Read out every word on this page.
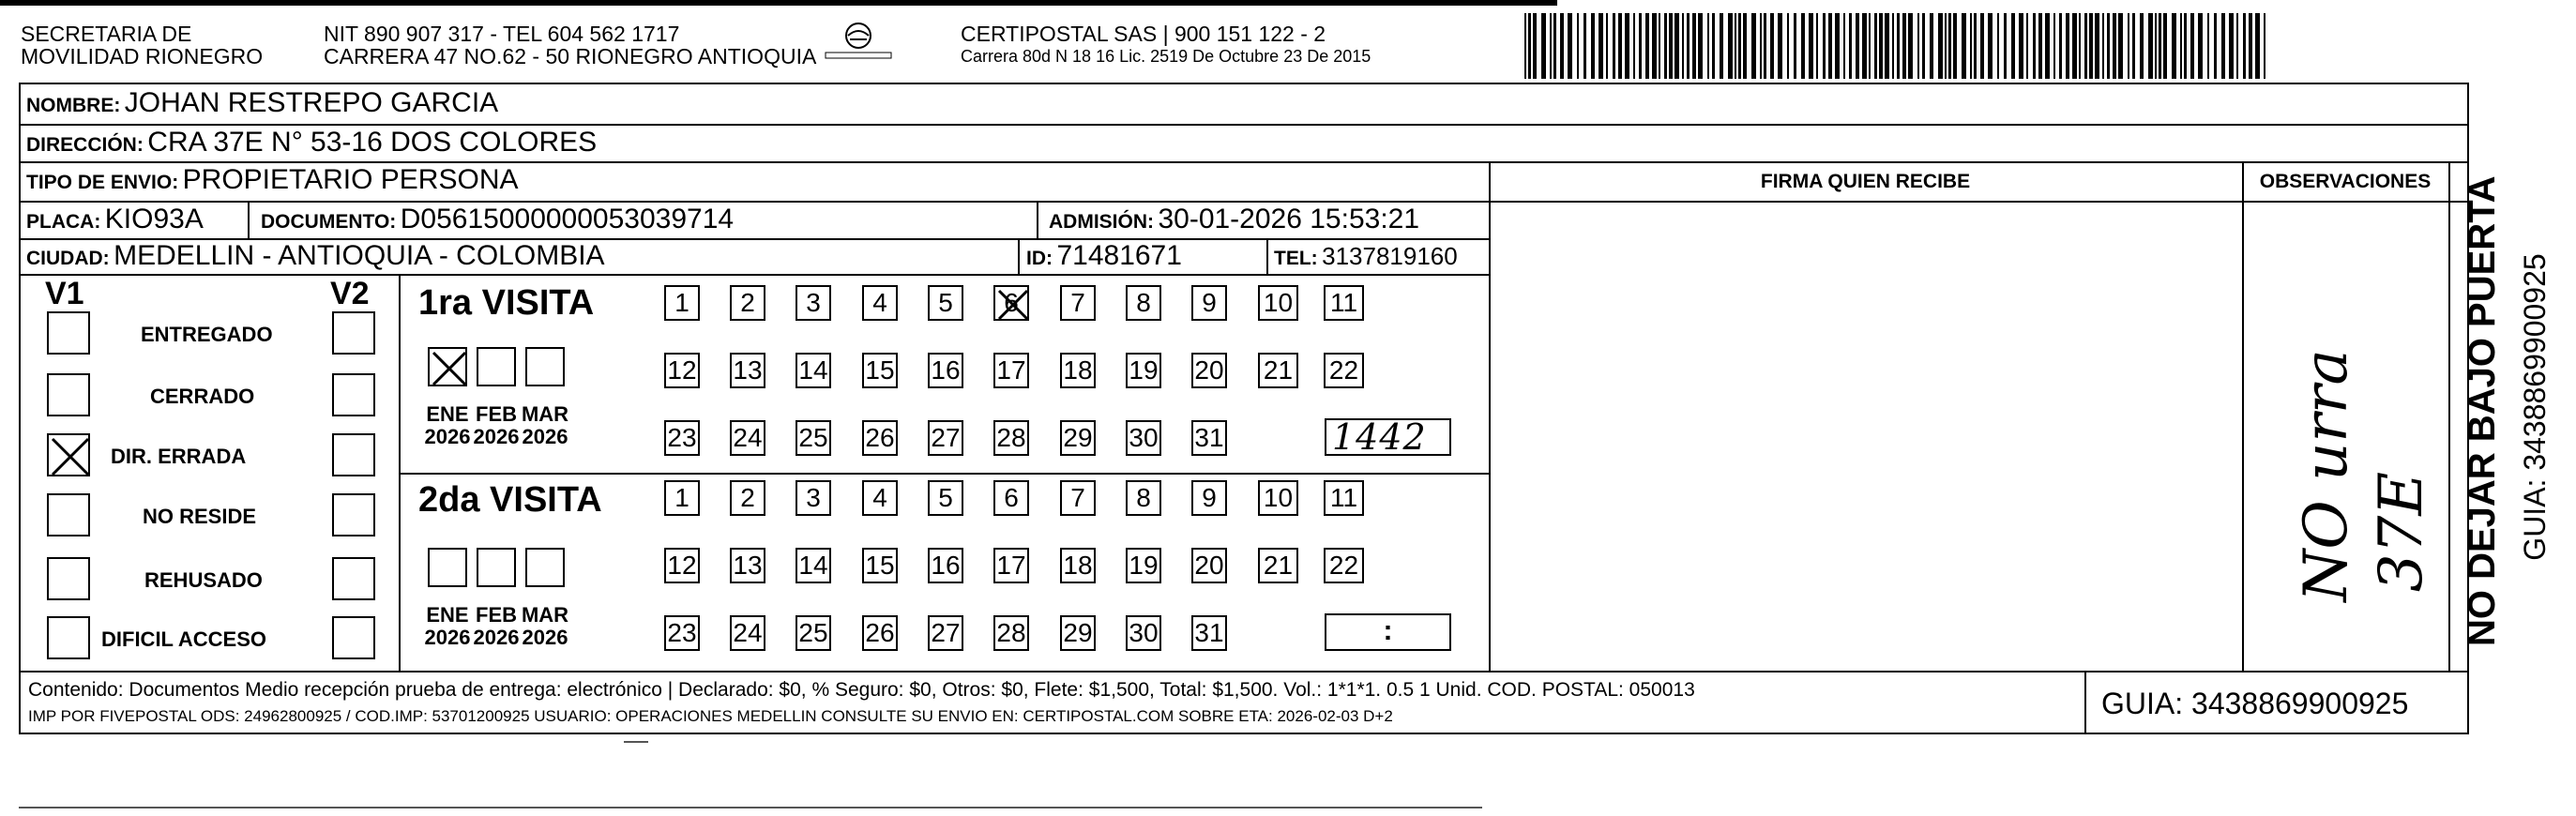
SECRETARIA DE
MOVILIDAD RIONEGRO
NIT 890 907 317 - TEL 604 562 1717
CARRERA 47 NO.62 - 50 RIONEGRO ANTIOQUIA
CERTIPOSTAL SAS | 900 151 122 - 2
Carrera 80d N 18 16 Lic. 2519 De Octubre 23 De 2015
NOMBRE: JOHAN RESTREPO GARCIA
DIRECCIÓN: CRA 37E N° 53-16 DOS COLORES
TIPO DE ENVIO: PROPIETARIO PERSONA
PLACA: KIO93A	DOCUMENTO: D05615000000053039714	ADMISIÓN: 30-01-2026 15:53:21
CIUDAD: MEDELLIN - ANTIOQUIA - COLOMBIA	ID: 71481671	TEL: 3137819160
FIRMA QUIEN RECIBE	OBSERVACIONES
V1	V2
ENTREGADO
CERRADO
DIR. ERRADA
NO RESIDE
REHUSADO
DIFICIL ACCESO
1ra VISITA
2da VISITA
ENE
2026
FEB
2026
MAR
2026
ENE
2026
FEB
2026
MAR
2026
1	2	3	4	5	6	7	8	9	10 11
12 13 14 15 16 17 18 19 20 21 22
23 24 25 26 27 28 29 30 31
1	2	3	4	5	6	7	8	9	10 11
12 13 14 15 16 17 18 19 20 21 22
23 24 25 26 27 28 29 30 31
1442
:
NO urra 37E NO DEJAR BAJO PUERTA GUIA: 3438869900925
Contenido: Documentos Medio recepción prueba de entrega: electrónico | Declarado: $0, % Seguro: $0, Otros: $0, Flete: $1,500, Total: $1,500. Vol.: 1*1*1. 0.5 1 Unid. COD. POSTAL: 050013
IMP POR FIVEPOSTAL ODS: 24962800925 / COD.IMP: 53701200925 USUARIO: OPERACIONES MEDELLIN CONSULTE SU ENVIO EN: CERTIPOSTAL.COM SOBRE ETA: 2026-02-03 D+2	GUIA: 3438869900925
